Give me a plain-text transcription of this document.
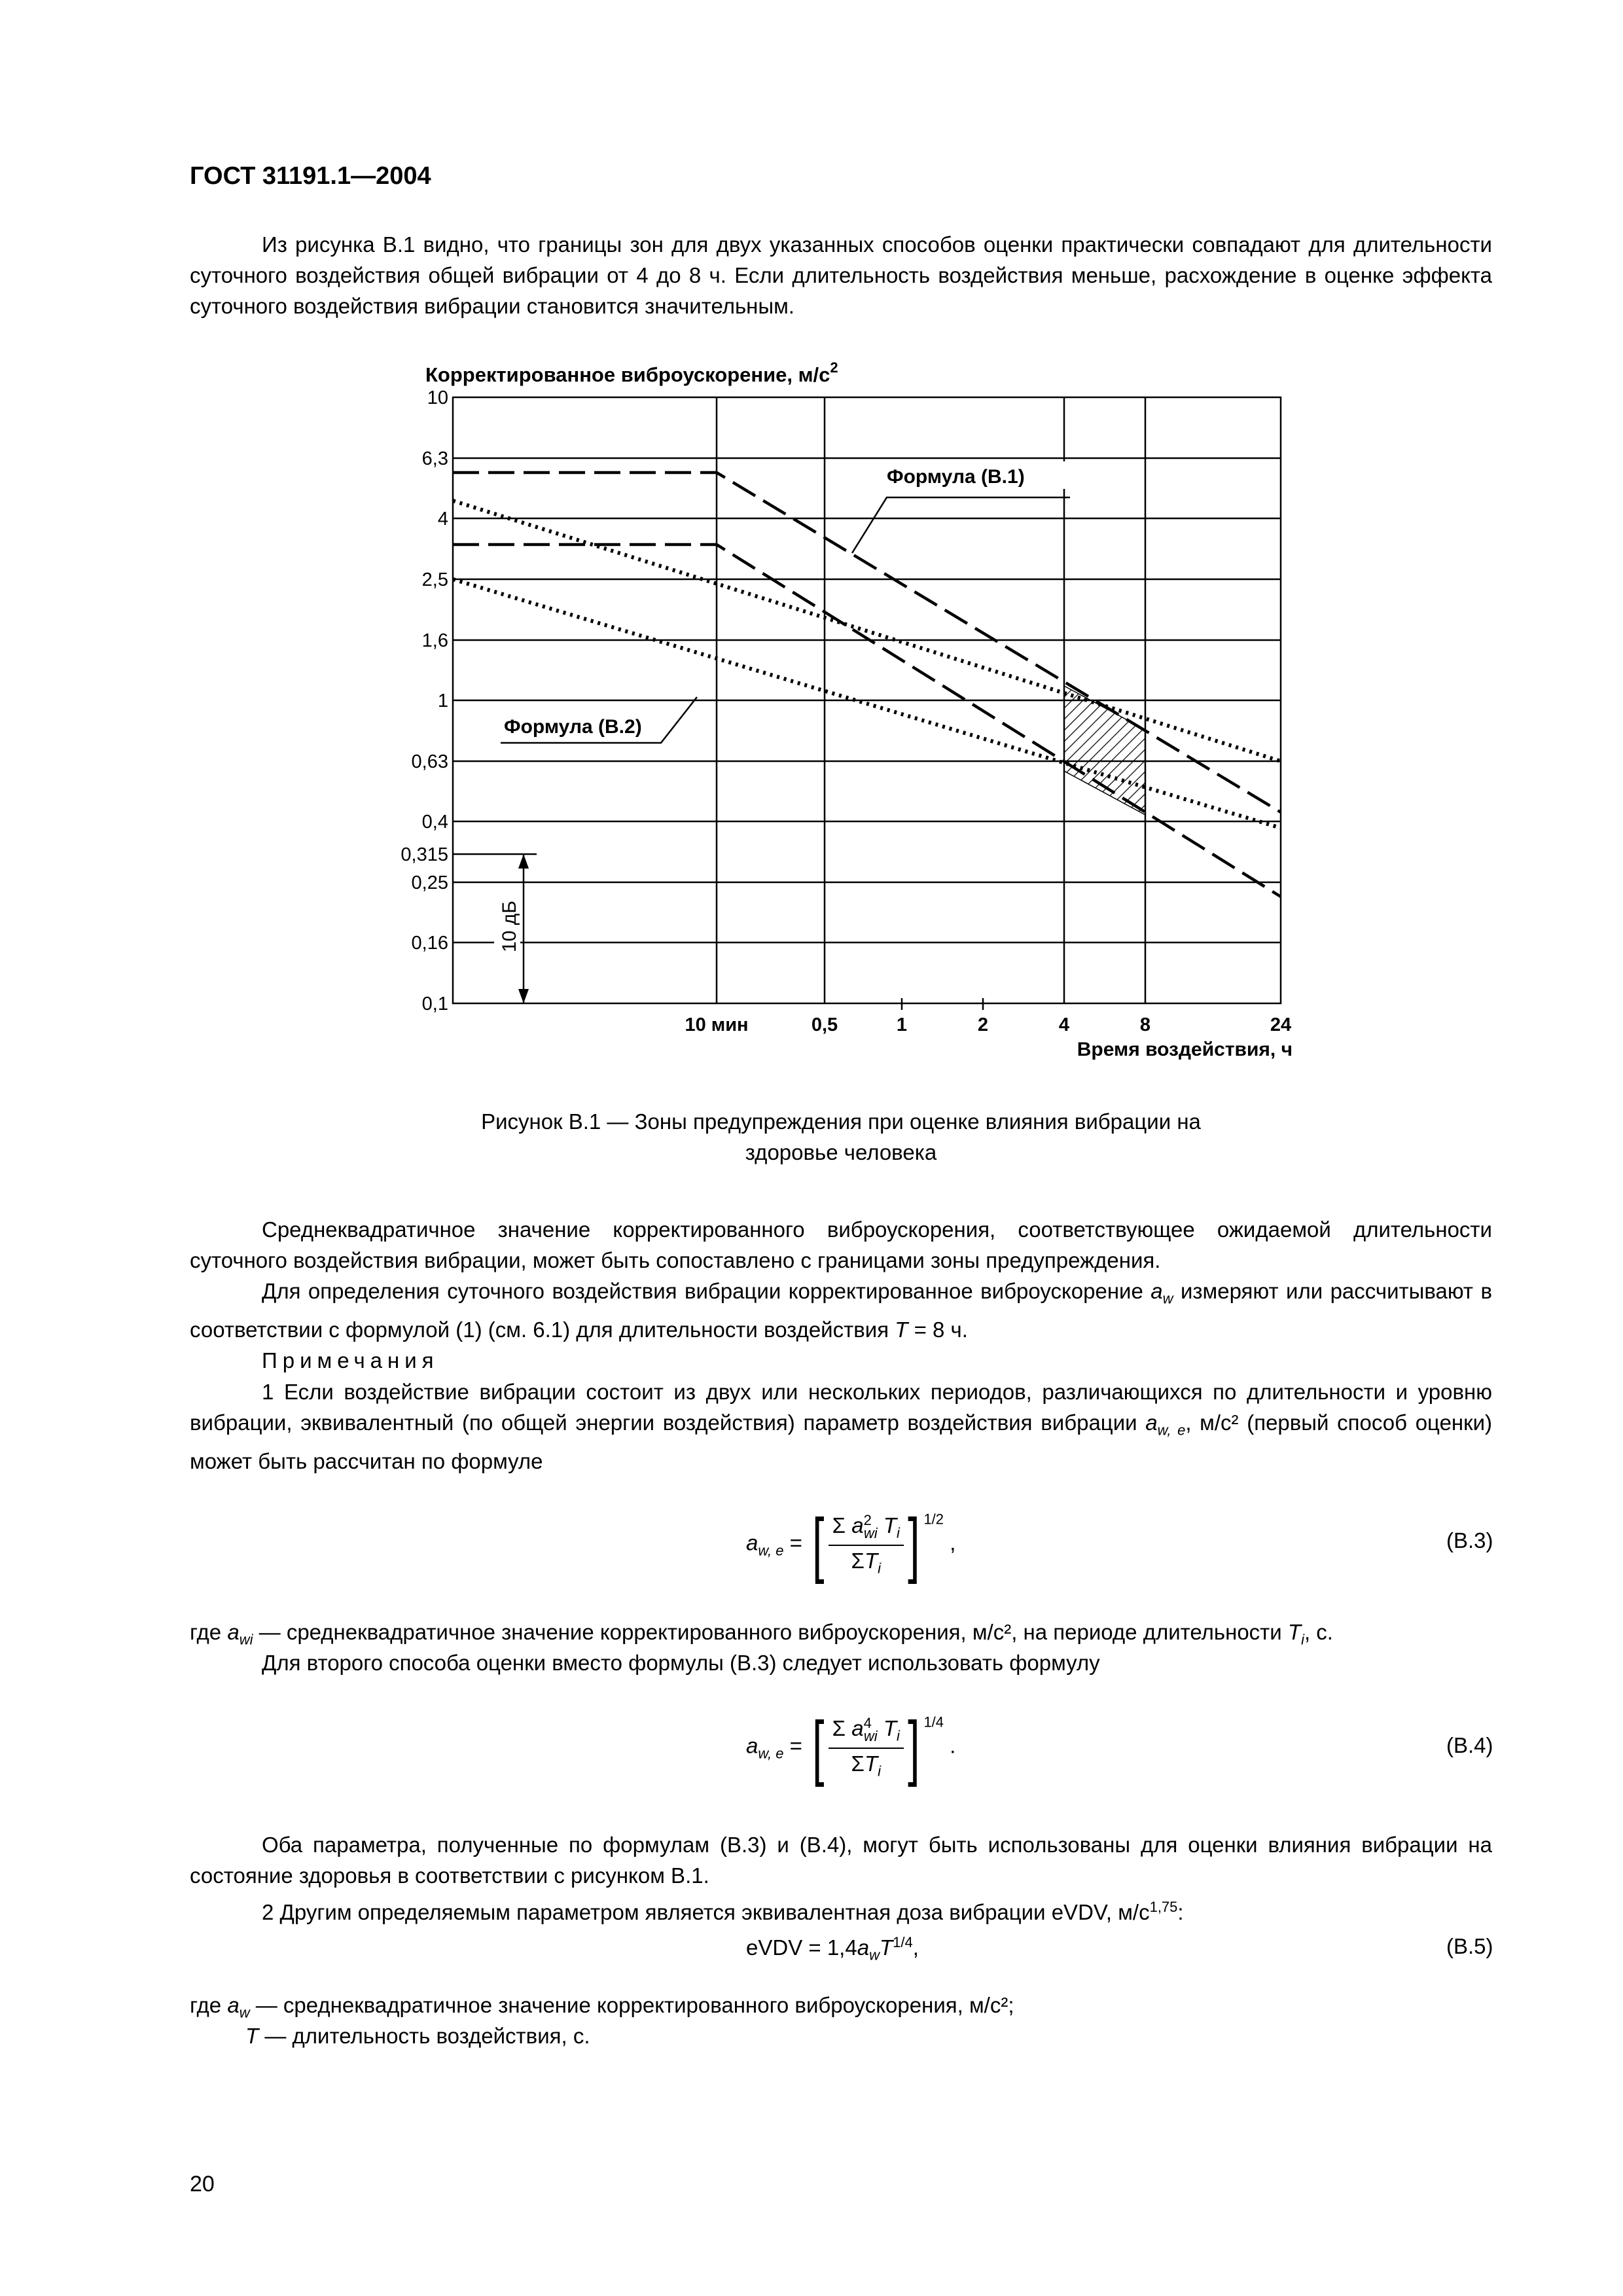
ГОСТ 31191.1—2004
Из рисунка В.1 видно, что границы зон для двух указанных способов оценки практически совпадают для длительности суточного воздействия общей вибрации от 4 до 8 ч. Если длительность воздействия меньше, расхождение в оценке эффекта суточного воздействия вибрации становится значительным.
Корректированное виброускорение, $м/с^2$
10
6,3
4
2,5
1,6
1
0,63
0,4
0,315
0,25
0,16
0,1
10 мин	0,5	1	2	4	8	24
Время воздействия, ч
Формула (В.1)
Формула (В.2)
10 дБ
Рисунок В.1 — Зоны предупреждения при оценке влияния вибрации на
здоровье человека
Среднеквадратичное значение корректированного виброускорения, соответствующее ожидаемой длительности суточного воздействия вибрации, может быть сопоставлено с границами зоны предупреждения.
Для определения суточного воздействия вибрации корректированное виброускорение $a_w$ измеряют или рассчитывают в соответствии с формулой (1) (см. 6.1) для длительности воздействия T = 8 ч.
Примечания
1 Если воздействие вибрации состоит из двух или нескольких периодов, различающихся по длительности и уровню вибрации, эквивалентный (по общей энергии воздействия) параметр воздействия вибрации $a_{w, e}$, м/с² (первый способ оценки) может быть рассчитан по формуле
$a_{w, e}$ = [ $\frac{\Sigma a^2_{wi} T_i}{\Sigma T_i}$ ] $^{1/2}$ ,	(В.3)
где $a_{wi}$ — среднеквадратичное значение корректированного виброускорения, м/с², на периоде длительности $T_i$, с.
Для второго способа оценки вместо формулы (В.3) следует использовать формулу
$a_{w, e}$ = [ $\frac{\Sigma a^4_{wi} T_i}{\Sigma T_i}$ ] $^{1/4}$ .	(В.4)
Оба параметра, полученные по формулам (В.3) и (В.4), могут быть использованы для оценки влияния вибрации на состояние здоровья в соответствии с рисунком В.1.
2 Другим определяемым параметром является эквивалентная доза вибрации eVDV, $м/с^{1,75}$:
eVDV = $1,4a_wT^{1/4}$,	(В.5)
где $a_w$ — среднеквадратичное значение корректированного виброускорения, м/с²;
T — длительность воздействия, с.
20
